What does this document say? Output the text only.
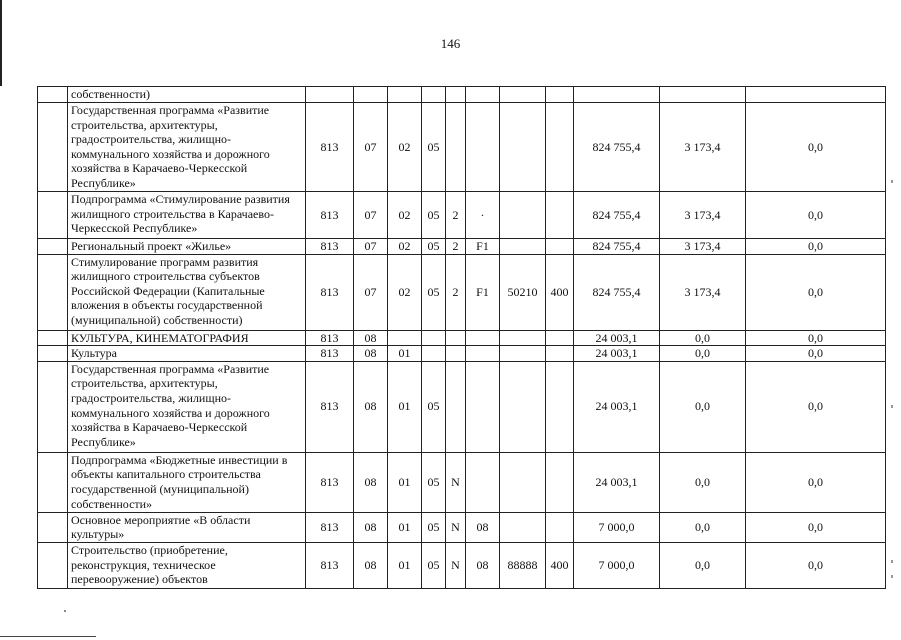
146
	собственности)											
	Государственная программа «Развитие строительства, архитектуры, градостроительства, жилищно-коммунального хозяйства и дорожного хозяйства в Карачаево-Черкесской Республике»	813	07	02	05					824 755,4	3 173,4	0,0
	Подпрограмма «Стимулирование развития жилищного строительства в Карачаево-Черкесской Республике»	813	07	02	05	2	·			824 755,4	3 173,4	0,0
	Региональный проект «Жилье»	813	07	02	05	2	F1			824 755,4	3 173,4	0,0
	Стимулирование программ развития жилищного строительства субъектов Российской Федерации (Капитальные вложения в объекты государственной (муниципальной) собственности)	813	07	02	05	2	F1	50210	400	824 755,4	3 173,4	0,0
	КУЛЬТУРА, КИНЕМАТОГРАФИЯ	813	08							24 003,1	0,0	0,0
	Культура	813	08	01						24 003,1	0,0	0,0
	Государственная программа «Развитие строительства, архитектуры, градостроительства, жилищно-коммунального хозяйства и дорожного хозяйства в Карачаево-Черкесской Республике»	813	08	01	05					24 003,1	0,0	0,0
	Подпрограмма «Бюджетные инвестиции в объекты капитального строительства государственной (муниципальной) собственности»	813	08	01	05	N				24 003,1	0,0	0,0
	Основное мероприятие «В области культуры»	813	08	01	05	N	08			7 000,0	0,0	0,0
	Строительство (приобретение, реконструкция, техническое перевооружение) объектов	813	08	01	05	N	08	88888	400	7 000,0	0,0	0,0
